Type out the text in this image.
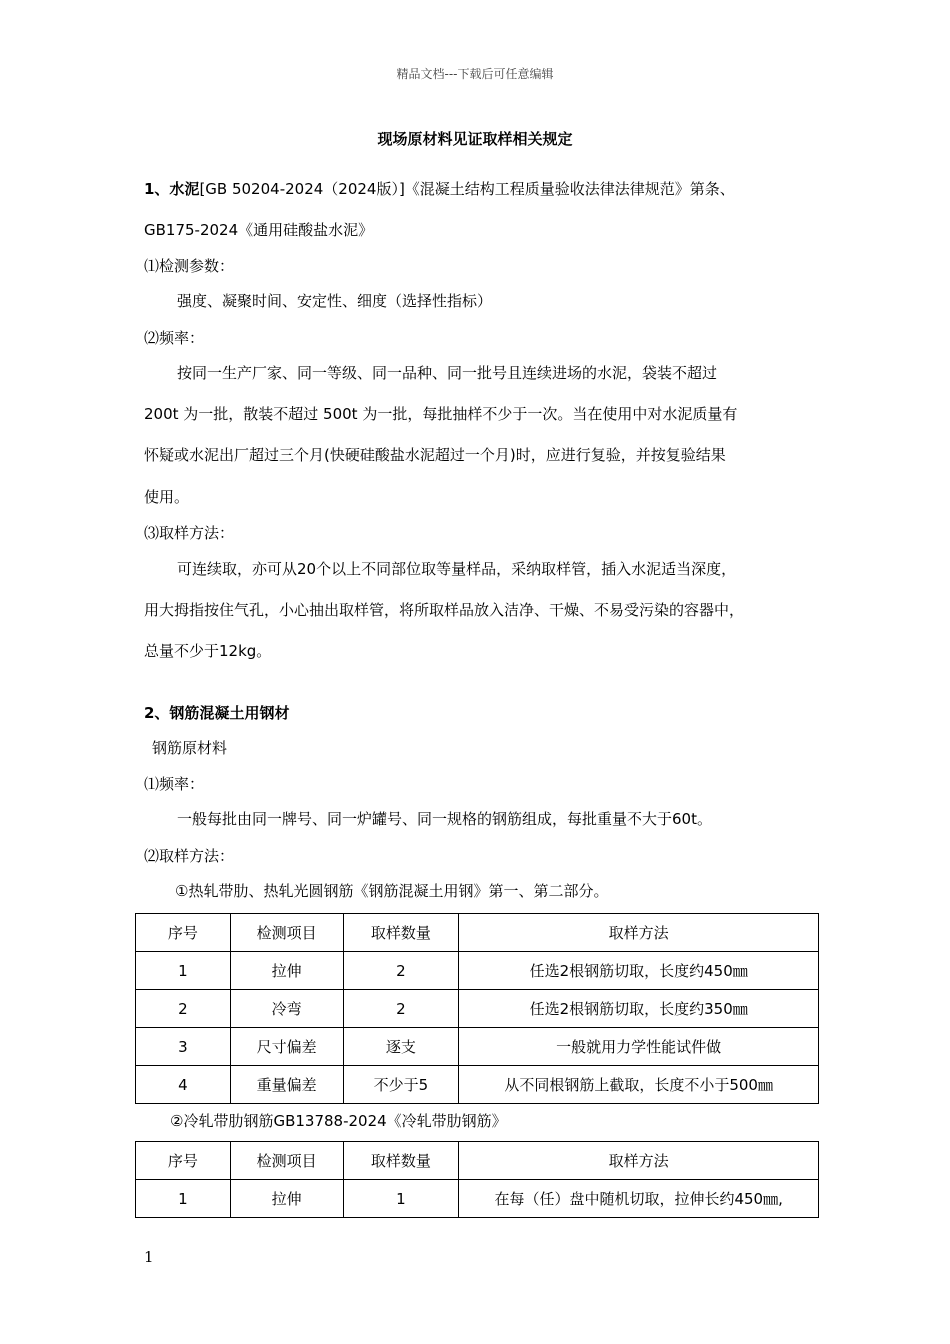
精品文档---下载后可任意编辑
现场原材料见证取样相关规定
1、水泥[GB 50204-2024（2024版）]《混凝土结构工程质量验收法律法律规范》第条、
GB175-2024《通用硅酸盐水泥》
⑴检测参数：
强度、凝聚时间、安定性、细度（选择性指标）
⑵频率：
按同一生产厂家、同一等级、同一品种、同一批号且连续进场的水泥，袋装不超过
200t 为一批，散装不超过 500t 为一批，每批抽样不少于一次。当在使用中对水泥质量有
怀疑或水泥出厂超过三个月(快硬硅酸盐水泥超过一个月)时，应进行复验，并按复验结果
使用。
⑶取样方法：
可连续取，亦可从20个以上不同部位取等量样品，采纳取样管，插入水泥适当深度，
用大拇指按住气孔，小心抽出取样管，将所取样品放入洁净、干燥、不易受污染的容器中，
总量不少于12kg。
2、钢筋混凝土用钢材
钢筋原材料
⑴频率：
一般每批由同一牌号、同一炉罐号、同一规格的钢筋组成，每批重量不大于60t。
⑵取样方法：
①热轧带肋、热轧光圆钢筋《钢筋混凝土用钢》第一、第二部分。
序号	检测项目	取样数量	取样方法
1	拉伸	2	任选2根钢筋切取，长度约450㎜
2	冷弯	2	任选2根钢筋切取，长度约350㎜
3	尺寸偏差	逐支	一般就用力学性能试件做
4	重量偏差	不少于5	从不同根钢筋上截取，长度不小于500㎜
②冷轧带肋钢筋GB13788-2024《冷轧带肋钢筋》
序号	检测项目	取样数量	取样方法
1	拉伸	1	在每（任）盘中随机切取，拉伸长约450㎜,
1
